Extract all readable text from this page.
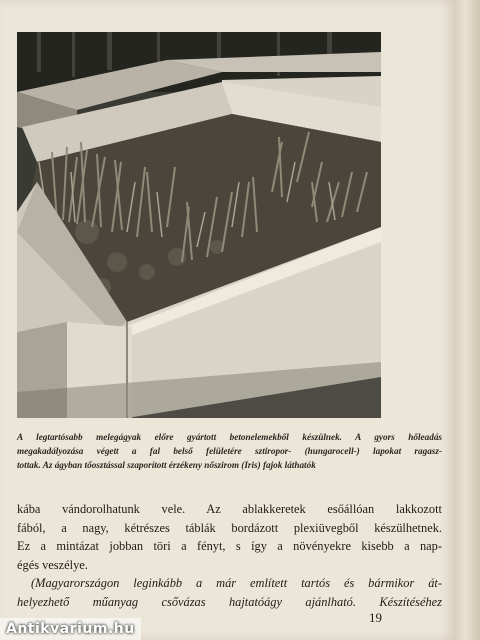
A legtartósabb melegágyak előre gyártott betonelemekből készülnek. A gyors hőleadás
megakadályozása végett a fal belső felületére sztiropor- (hungarocell-) lapokat ragasz-
tottak. Az ágyban tőosztással szaporított érzékeny nőszirom (Iris) fajok láthatók
kába vándorolhatunk vele. Az ablakkeretek esőállóan lakkozott
fából, a nagy, kétrészes táblák bordázott plexiüvegből készülhetnek.
Ez a mintázat jobban töri a fényt, s így a növényekre kisebb a nap-
égés veszélye.
(Magyarországon leginkább a már említett tartós és bármikor át-
helyezhető műanyag csővázas hajtatóágy ajánlható. Készítéséhez
19
Antikvarium.hu
